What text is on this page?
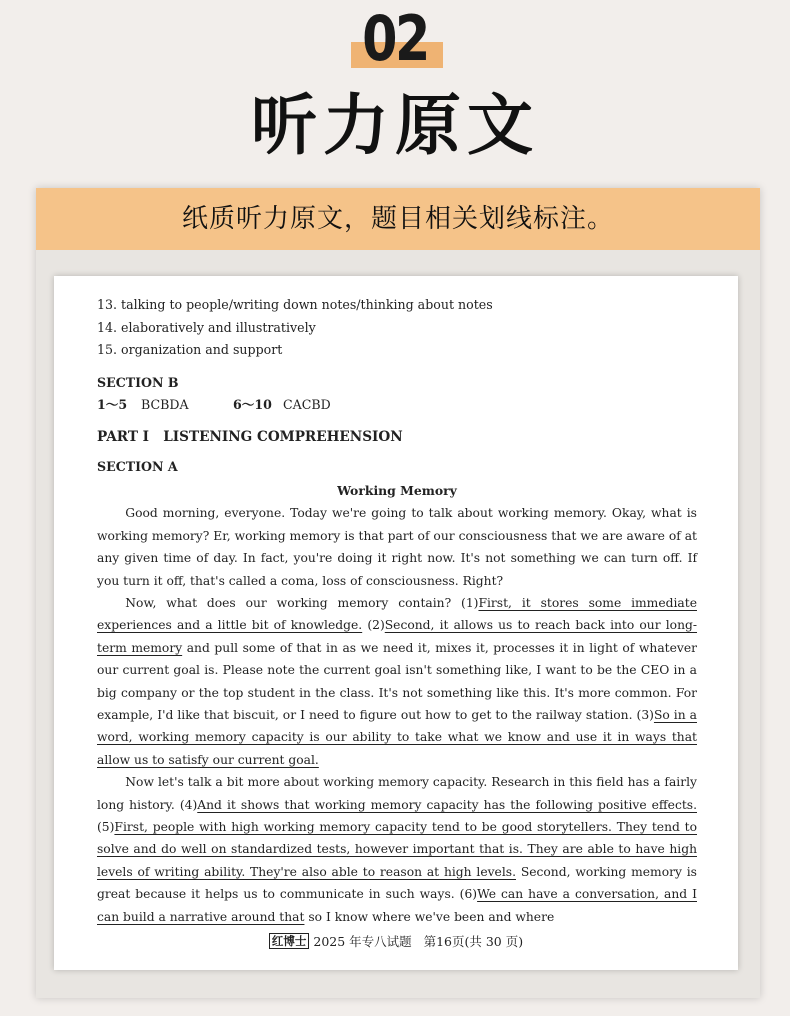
02
听力原文
纸质听力原文，题目相关划线标注。
13. talking to people/writing down notes/thinking about notes
14. elaboratively and illustratively
15. organization and support
SECTION B
1～5 BCBDA	6～10 CACBD
PART I   LISTENING COMPREHENSION
SECTION A
Working Memory

Good morning, everyone. Today we're going to talk about working memory. Okay, what is working memory? Er, working memory is that part of our consciousness that we are aware of at any given time of day. In fact, you're doing it right now. It's not something we can turn off. If you turn it off, that's called a coma, loss of consciousness. Right?

Now, what does our working memory contain? (1)First, it stores some immediate experiences and a little bit of knowledge. (2)Second, it allows us to reach back into our long-term memory and pull some of that in as we need it, mixes it, processes it in light of whatever our current goal is. Please note the current goal isn't something like, I want to be the CEO in a big company or the top student in the class. It's not something like this. It's more common. For example, I'd like that biscuit, or I need to figure out how to get to the railway station. (3)So in a word, working memory capacity is our ability to take what we know and use it in ways that allow us to satisfy our current goal.

Now let's talk a bit more about working memory capacity. Research in this field has a fairly long history. (4)And it shows that working memory capacity has the following positive effects. (5)First, people with high working memory capacity tend to be good storytellers. They tend to solve and do well on standardized tests, however important that is. They are able to have high levels of writing ability. They're also able to reason at high levels. Second, working memory is great because it helps us to communicate in such ways. (6)We can have a conversation, and I can build a narrative around that so I know where we've been and where

红博士 2025 年专八试题   第16页(共 30 页)
